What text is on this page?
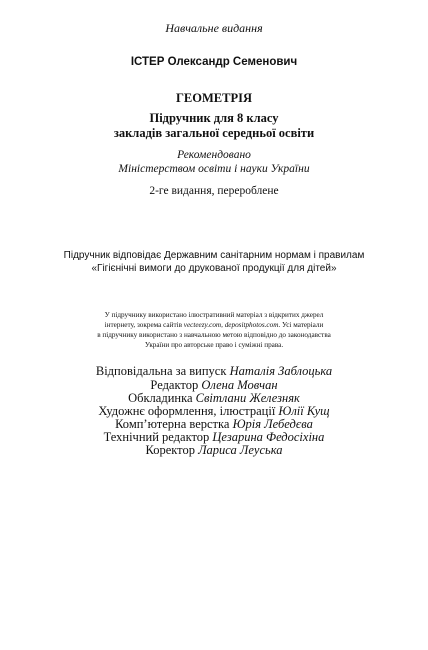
Навчальне видання
ІСТЕР Олександр Семенович
ГЕОМЕТРІЯ
Підручник для 8 класу
закладів загальної середньої освіти
Рекомендовано
Міністерством освіти і науки України
2-ге видання, перероблене
Підручник відповідає Державним санітарним нормам і правилам
«Гігієнічні вимоги до друкованої продукції для дітей»
У підручнику використано ілюстративний матеріал з відкритих джерел
інтернету, зокрема сайтів vecteezy.com, depositphotos.com. Усі матеріали
в підручнику використано з навчальною метою відповідно до законодавства
України про авторське право і суміжні права.
Відповідальна за випуск Наталія Заблоцька
Редактор Олена Мовчан
Обкладинка Світлани Железняк
Художнє оформлення, ілюстрації Юлії Кущ
Комп’ютерна верстка Юрія Лебедєва
Технічний редактор Цезарина Федосіхіна
Коректор Лариса Леуська
